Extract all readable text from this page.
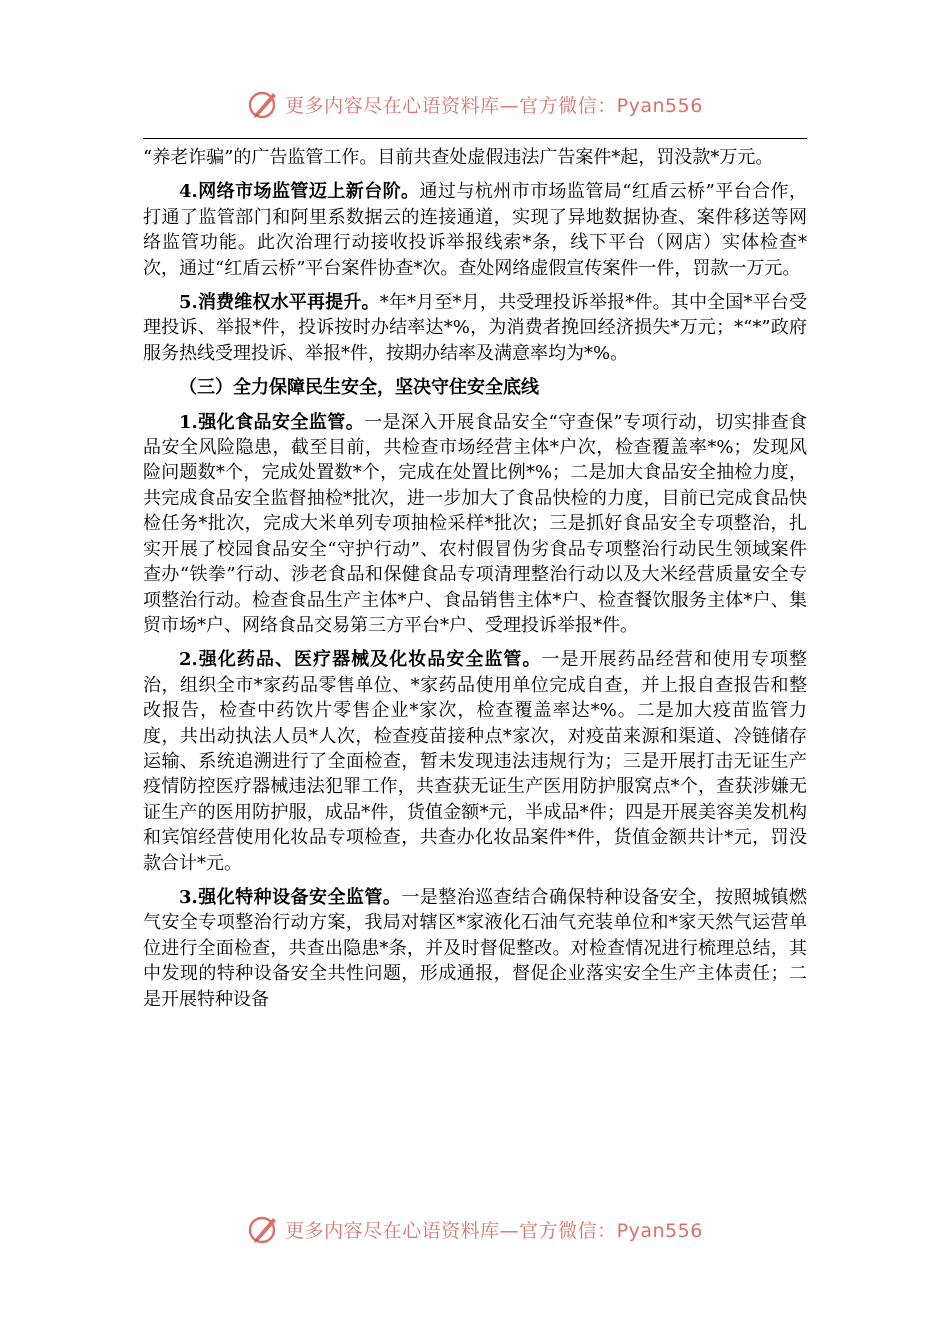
更多内容尽在心语资料库—官方微信：Pyan556

“养老诈骗”的广告监管工作。目前共查处虚假违法广告案件*起，罚没款*万元。

4.网络市场监管迈上新台阶。通过与杭州市市场监管局“红盾云桥”平台合作，打通了监管部门和阿里系数据云的连接通道，实现了异地数据协查、案件移送等网络监管功能。此次治理行动接收投诉举报线索*条，线下平台（网店）实体检查*次，通过“红盾云桥”平台案件协查*次。查处网络虚假宣传案件一件，罚款一万元。

5.消费维权水平再提升。*年*月至*月，共受理投诉举报*件。其中全国*平台受理投诉、举报*件，投诉按时办结率达*%，为消费者挽回经济损失*万元；*“*”政府服务热线受理投诉、举报*件，按期办结率及满意率均为*%。

（三）全力保障民生安全，坚决守住安全底线

1.强化食品安全监管。一是深入开展食品安全“守查保”专项行动，切实排查食品安全风险隐患，截至目前，共检查市场经营主体*户次，检查覆盖率*%；发现风险问题数*个，完成处置数*个，完成在处置比例*%；二是加大食品安全抽检力度，共完成食品安全监督抽检*批次，进一步加大了食品快检的力度，目前已完成食品快检任务*批次，完成大米单列专项抽检采样*批次；三是抓好食品安全专项整治，扎实开展了校园食品安全“守护行动”、农村假冒伪劣食品专项整治行动民生领域案件查办“铁拳”行动、涉老食品和保健食品专项清理整治行动以及大米经营质量安全专项整治行动。检查食品生产主体*户、食品销售主体*户、检查餐饮服务主体*户、集贸市场*户、网络食品交易第三方平台*户、受理投诉举报*件。

2.强化药品、医疗器械及化妆品安全监管。一是开展药品经营和使用专项整治，组织全市*家药品零售单位、*家药品使用单位完成自查，并上报自查报告和整改报告，检查中药饮片零售企业*家次，检查覆盖率达*%。二是加大疫苗监管力度，共出动执法人员*人次，检查疫苗接种点*家次，对疫苗来源和渠道、冷链储存运输、系统追溯进行了全面检查，暂未发现违法违规行为；三是开展打击无证生产疫情防控医疗器械违法犯罪工作，共查获无证生产医用防护服窝点*个，查获涉嫌无证生产的医用防护服，成品*件，货值金额*元，半成品*件；四是开展美容美发机构和宾馆经营使用化妆品专项检查，共查办化妆品案件*件，货值金额共计*元，罚没款合计*元。

3.强化特种设备安全监管。一是整治巡查结合确保特种设备安全，按照城镇燃气安全专项整治行动方案，我局对辖区*家液化石油气充装单位和*家天然气运营单位进行全面检查，共查出隐患*条，并及时督促整改。对检查情况进行梳理总结，其中发现的特种设备安全共性问题，形成通报，督促企业落实安全生产主体责任；二是开展特种设备

更多内容尽在心语资料库—官方微信：Pyan556
